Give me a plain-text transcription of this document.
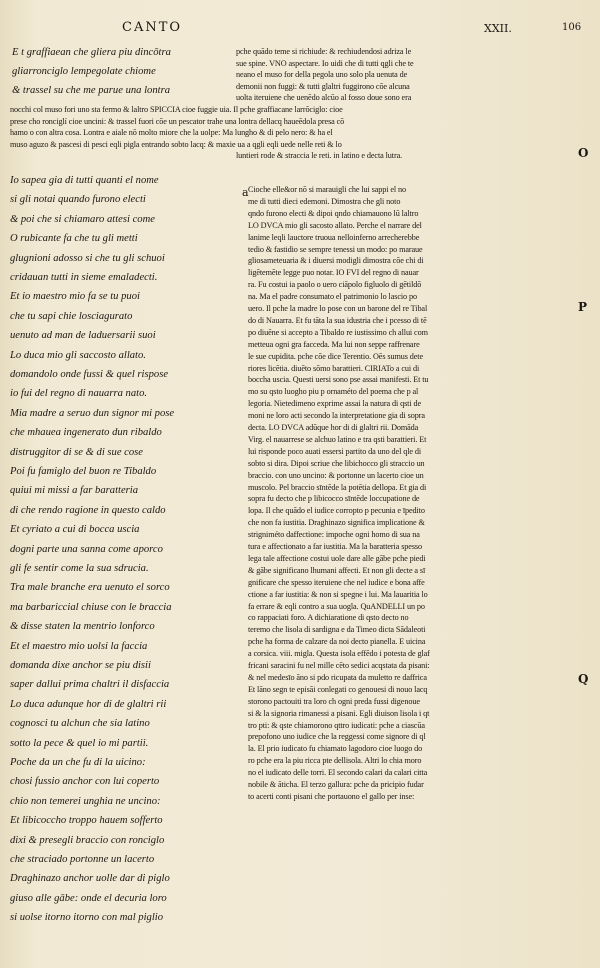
CANTO	XXII.	106
E t graffiaean che gliera piu dincōtra
gliarronciglo lempegolate chiome
& trassel su che me parue una lontra
pche quādo teme si richiude: & rechiudendosi adriza le
sue spine. VNO aspectare. Io uidi che di tutti qgli che te
neano el muso for della pegola uno solo pla uenuta de
demonii non fuggi: & tutti glaltri fuggirono cōe alcuna
uolta iteruiene che uenēdo alcūo al fosso doue sono era
nocchi col muso fori uno sta fermo & laltro SPICCIA cioe fuggie uia. Il pche graffiacane larrōciglo: cioe
prese cho ronciglí cioe uncini: & trassel fuori cōe un pescator trahe una lontra dellacq haueēdola presa cō
hamo o con altra cosa. Lontra e aiale nō molto miore che la uolpe: Ma lungho & di pelo nero: & ha el
muso aguzo & pascesi di pesci eqli pigla entrando sobto lacq: & maxie ua a qgli eqli uede nelle reti & lo
luntieri rode & straccia le reti. in latino e decta lutra.
Io sapea gia di tutti quanti el nome
si gli notai quando furono electi
& poi che si chiamaro attesi come
O rubicante fa che tu gli metti
glugnioni adosso si che tu gli schuoi
cridauan tutti in sieme emaladecti.
Et io maestro mio fa se tu puoi
che tu sapi chie losciagurato
uenuto ad man de laduersarii suoi
Lo duca mio gli saccosto allato.
domandolo onde fussi & quel rispose
io fui del regno di nauarra nato.
Mia madre a seruo dun signor mi pose
che mhauea ingenerato dun ribaldo
distruggitor di se & di sue cose
Poi fu famiglo del buon re Tibaldo
quiui mi missi a far baratteria
di che rendo ragione in questo caldo
Et cyriato a cui di bocca uscia
dogni parte una sanna come aporco
gli fe sentir come la sua sdrucia.
Tra male branche era uenuto el sorco
ma barbariccial chiuse con le braccia
& disse staten la mentrio lonforco
Et el maestro mio uolsi la faccia
domanda dixe anchor se piu disii
saper dallui prima chaltri il disfaccia
Lo duca adunque hor di de glaltri rii
cognosci tu alchun che sia latino
sotto la pece & quel io mi partii.
Poche da un che fu di la uicino:
chosi fussio anchor con lui coperto
chio non temerei unghia ne uncino:
Et libicoccho troppo hauem sofferto
dixi & presegli braccio con ronciglo
che straciado portonne un lacerto
Draghinazo anchor uolle dar di piglo
giuso alle gābe: onde el decuria loro
si uolse itorno itorno con mal piglio
a Cioche elle&or nō si marauigli che lui sappi el no
me di tutti dieci edemoni. Dimostra che gli noto
qndo furono electi & dipoi qndo chiamauono lū laltro
LO DVCA mio gli sacosto allato. Perche el narrare del
lanime leqli lauctore truoua nelloinferno arrecherebbe
tedio & fastidio se sempre tenessi un modo: po maraue
gliosameteuaria & i diuersi modigli dimostra cōe chi di
ligētemēte legge puo notar. IO FVI del regno di nauar
ra. Fu costui ia paolo o uero ciāpolo figluolo di gētildō
na. Ma el padre consumato el patrimonio lo lascio po
uero. Il pche la madre lo pose con un barone del re Tibal
do di Nauarra. Et fu tāta la sua idustria che i pcesso di tē
po diuēne si accepto a Tibaldo re iustissimo ch allui com
metteua ogni gra facceda. Ma lui non seppe raffrenare
le sue cupidita. pche cōe dice Terentio. Oēs sumus dete
riores licētia. diuēto sōmo barattieri. CIRIATo a cui di
boccha uscia. Questi uersi sono pse assai manifesti. Et tu
mo su qsto luogho piu p ornaméto del poema che p al
legoria. Nietedimeno exprime assai la natura di qsti de
moni ne loro acti secondo la interpretatione gia di sopra
decta. LO DVCA adūque hor di di glaltri rii. Domāda
Virg. el nauarrese se alchuo latino e tra qsti barattieri. Et
lui risponde poco auati essersi partito da uno del qle di
sobto si dira. Dipoi scriue che libichocco gli straccio un
braccio. con uno uncino: & portonne un lacerto cioe un
muscolo. Pel braccio sīntēde la potētia dellopa. Et gia di
sopra fu decto che p libicocco sīntēde loccupatione de
lopa. Il che quādo el iudice corropto p pecunia e īpedito
che non fa iustitia. Draghinazo significa implicatione &
strigniméto daffectione: impoche ogni homo di sua na
tura e affectionato a far iustitia. Ma la baratteria spesso
lega tale affectione costui uole dare alle gābe pche piedi
& gābe significano lhumani affecti. Et non gli decte a sī
gnificare che spesso iteruiene che nel iudice e bona affe
ctione a far iustitia: & non si spegne i lui. Ma lauaritia lo
fa errare & eqli contro a sua uogla. QuANDELLI un po
co rappaciati foro. A dichiaratione di qsto decto no
teremo che lisola di sardigna e da Timeo dicta Sādaleoti
pche ha forma de calzare da noi decto pianella. E uicina
a corsica. viii. migla. Questa isola effēdo i potesta de glaf
fricani saracini fu nel mille cēto sedici acqstata da pisani:
& nel medesīo āno si pdo ricupata da muletto re daffrica
Et lāno segn te episāi conlegati co genouesi di nouo lacq
storono pactouiti tra loro ch ogni preda fussi digenoue
si & la signoria rimanessi a pisani. Egli diuison lisola i qt
tro pti: & qste chiamorono qttro iudicati: pche a ciascūa
prepofono uno iudice che la reggessi come signore di ql
la. El prio iudicato fu chiamato lagodoro cioe luogo do
ro pche era la piu ricca pte dellisola. Altri lo chia moro
no el iudicato delle torri. El secondo calari da calari citta
nobile & āticha. El terzo gallura: pche da pricipio fudar
to acerti conti pisani che portauono el gallo per inse:
O
P
Q
